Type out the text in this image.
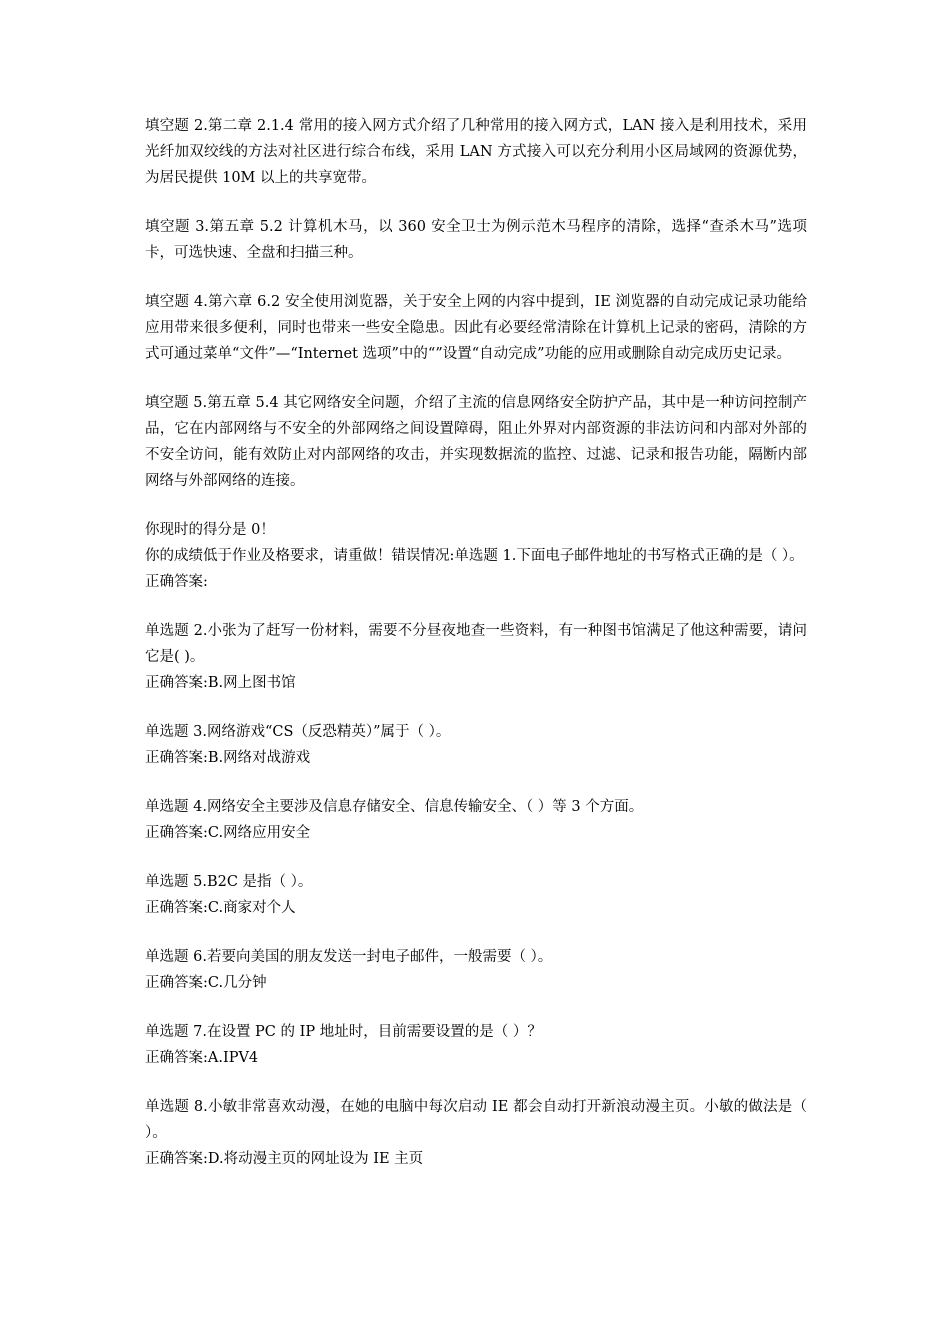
填空题 2.第二章 2.1.4 常用的接入网方式介绍了几种常用的接入网方式，LAN 接入是利用技术，采用光纤加双绞线的方法对社区进行综合布线，采用 LAN 方式接入可以充分利用小区局域网的资源优势，为居民提供 10M 以上的共享宽带。

填空题 3.第五章 5.2 计算机木马，以 360 安全卫士为例示范木马程序的清除，选择“查杀木马”选项卡，可选快速、全盘和扫描三种。

填空题 4.第六章 6.2 安全使用浏览器，关于安全上网的内容中提到，IE 浏览器的自动完成记录功能给应用带来很多便利，同时也带来一些安全隐患。因此有必要经常清除在计算机上记录的密码，清除的方式可通过菜单“文件”—“Internet 选项”中的“”设置“自动完成”功能的应用或删除自动完成历史记录。

填空题 5.第五章 5.4 其它网络安全问题，介绍了主流的信息网络安全防护产品，其中是一种访问控制产品，它在内部网络与不安全的外部网络之间设置障碍，阻止外界对内部资源的非法访问和内部对外部的不安全访问，能有效防止对内部网络的攻击，并实现数据流的监控、过滤、记录和报告功能，隔断内部网络与外部网络的连接。

你现时的得分是 0！

你的成绩低于作业及格要求，请重做！错误情况:单选题 1.下面电子邮件地址的书写格式正确的是（ ）。

正确答案:

单选题 2.小张为了赶写一份材料，需要不分昼夜地查一些资料，有一种图书馆满足了他这种需要，请问它是( )。

正确答案:B.网上图书馆

单选题 3.网络游戏“CS（反恐精英）”属于（ ）。

正确答案:B.网络对战游戏

单选题 4.网络安全主要涉及信息存储安全、信息传输安全、（ ）等 3 个方面。

正确答案:C.网络应用安全

单选题 5.B2C 是指（ ）。

正确答案:C.商家对个人

单选题 6.若要向美国的朋友发送一封电子邮件，一般需要（ ）。

正确答案:C.几分钟

单选题 7.在设置 PC 的 IP 地址时，目前需要设置的是（ ）？

正确答案:A.IPV4

单选题 8.小敏非常喜欢动漫，在她的电脑中每次启动 IE 都会自动打开新浪动漫主页。小敏的做法是（ ）。

正确答案:D.将动漫主页的网址设为 IE 主页
